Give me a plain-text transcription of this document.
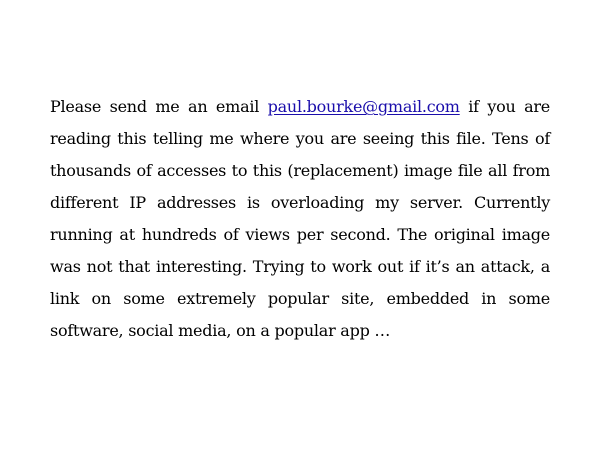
Please send me an email paul.bourke@gmail.com if you are reading this telling me where you are seeing this file. Tens of thousands of accesses to this (replacement) image file all from different IP addresses is overloading my server. Currently running at hundreds of views per second. The original image was not that interesting. Trying to work out if it’s an attack, a link on some extremely popular site, embedded in some software, social media, on a popular app …
